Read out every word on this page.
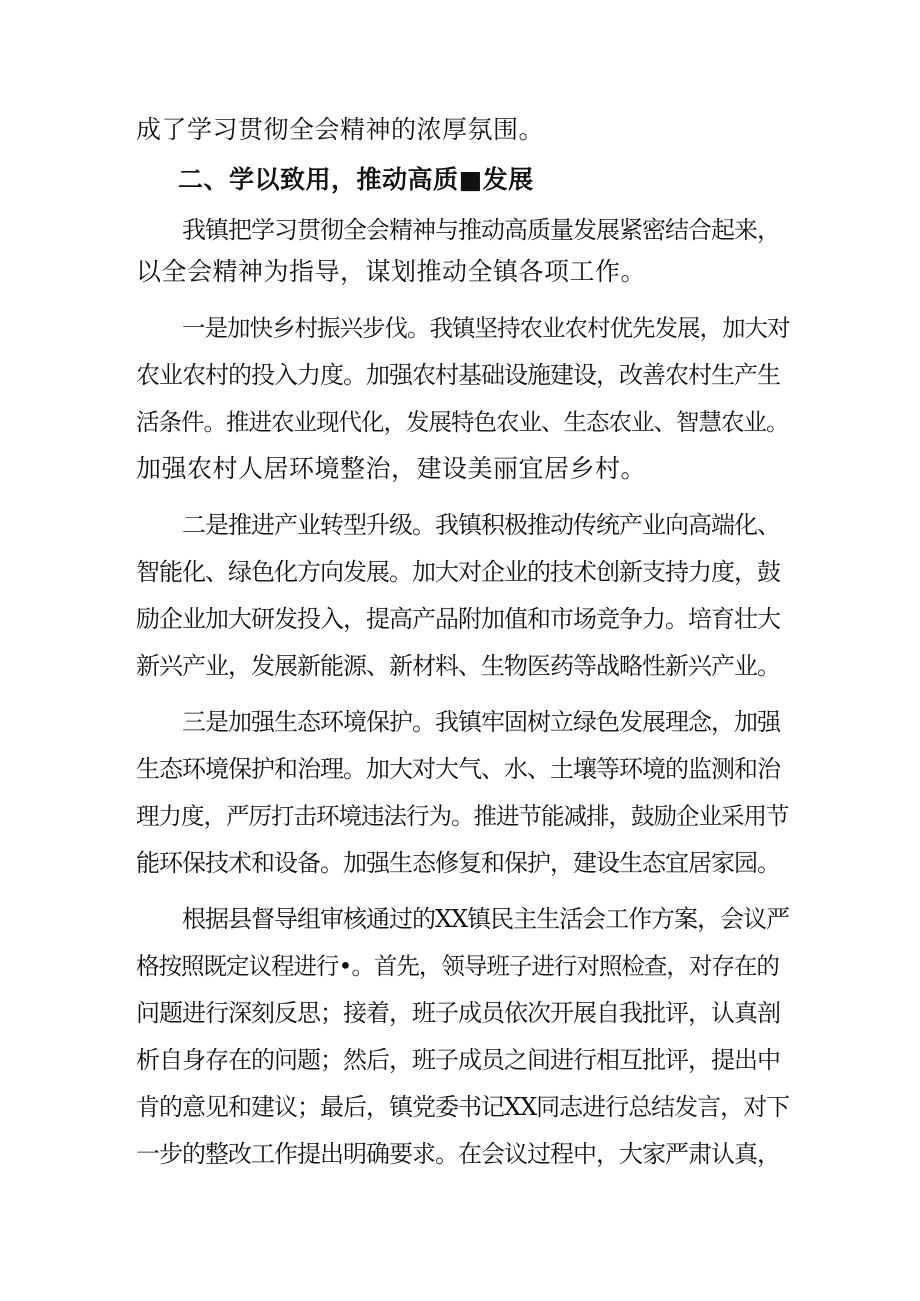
成了学习贯彻全会精神的浓厚氛围。
二、学以致用，推动高质■发展
我镇把学习贯彻全会精神与推动高质量发展紧密结合起来，
以全会精神为指导，谋划推动全镇各项工作。
一是加快乡村振兴步伐。我镇坚持农业农村优先发展，加大对
农业农村的投入力度。加强农村基础设施建设，改善农村生产生
活条件。推进农业现代化，发展特色农业、生态农业、智慧农业。
加强农村人居环境整治，建设美丽宜居乡村。
二是推进产业转型升级。我镇积极推动传统产业向高端化、
智能化、绿色化方向发展。加大对企业的技术创新支持力度，鼓
励企业加大研发投入，提高产品附加值和市场竞争力。培育壮大
新兴产业，发展新能源、新材料、生物医药等战略性新兴产业。
三是加强生态环境保护。我镇牢固树立绿色发展理念，加强
生态环境保护和治理。加大对大气、水、土壤等环境的监测和治
理力度，严厉打击环境违法行为。推进节能减排，鼓励企业采用节
能环保技术和设备。加强生态修复和保护，建设生态宜居家园。
根据县督导组审核通过的XX镇民主生活会工作方案，会议严
格按照既定议程进行•。首先，领导班子进行对照检查，对存在的
问题进行深刻反思；接着，班子成员依次开展自我批评，认真剖
析自身存在的问题；然后，班子成员之间进行相互批评，提出中
肯的意见和建议；最后，镇党委书记XX同志进行总结发言，对下
一步的整改工作提出明确要求。在会议过程中，大家严肃认真，
